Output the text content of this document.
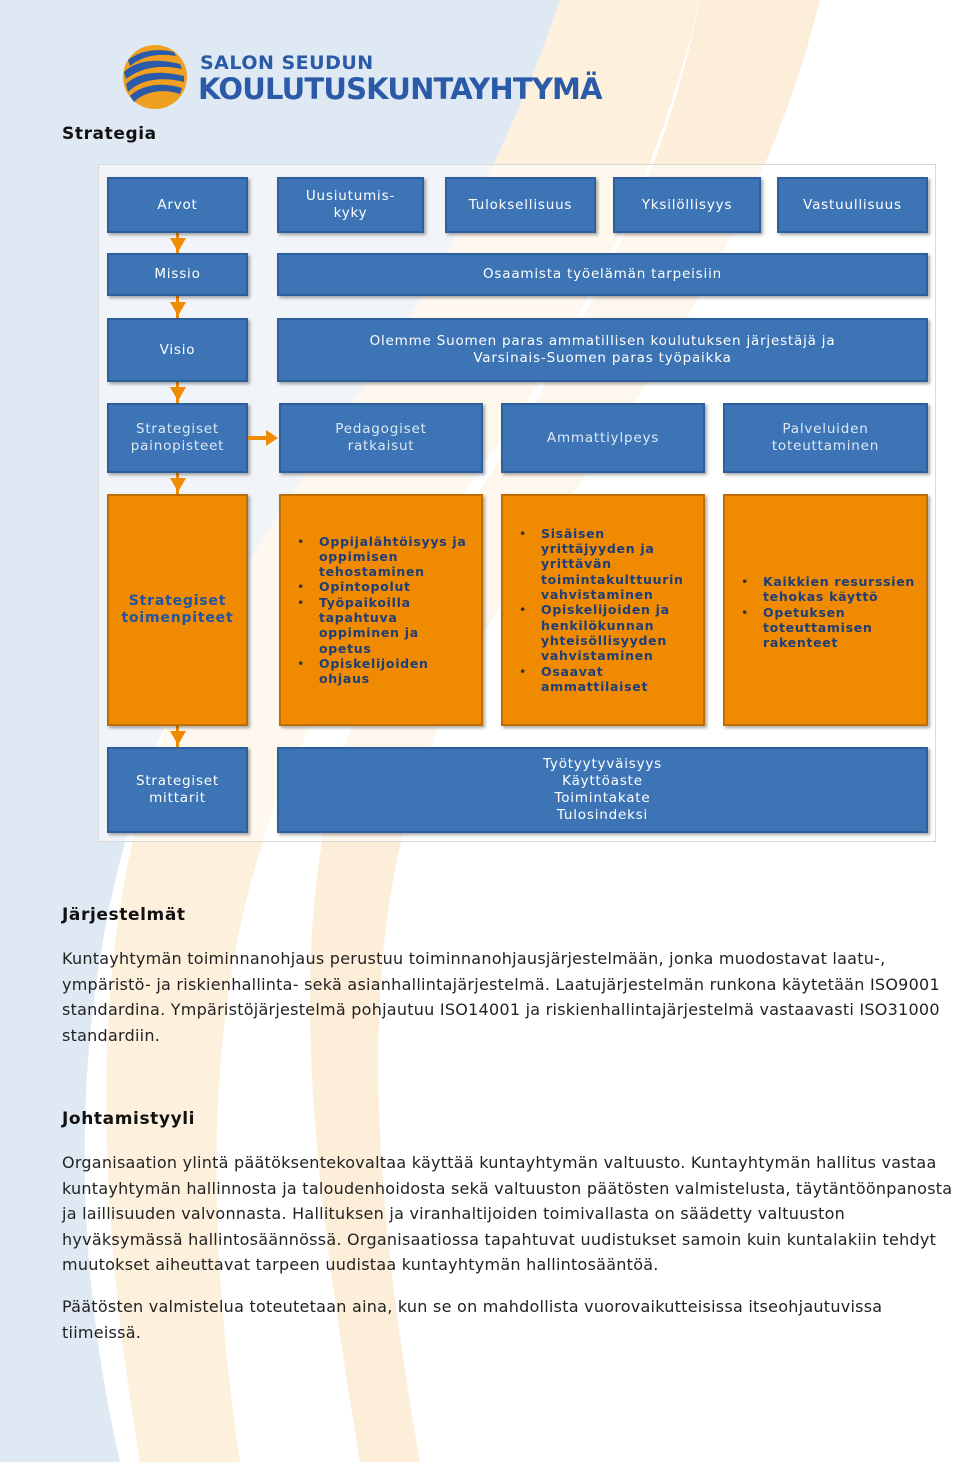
SALON SEUDUN
KOULUTUSKUNTAYHTYMÄ
Strategia
Arvot
Uusiutumis-
kyky
Tuloksellisuus	Yksilöllisyys	Vastuullisuus
Missio	Osaamista työelämän tarpeisiin
Visio
Olemme Suomen paras ammatillisen koulutuksen järjestäjä ja Varsinais-Suomen paras työpaikka
Strategiset painopisteet
Pedagogiset ratkaisut
Ammattiylpeys
Palveluiden toteuttaminen
Strategiset toimenpiteet
• Oppijalähtöisyys ja oppimisen tehostaminen
• Opintopolut
• Työpaikoilla tapahtuva oppiminen ja opetus
• Opiskelijoiden ohjaus
• Sisäisen yrittäjyyden ja yrittävän toimintakulttuurin vahvistaminen
• Opiskelijoiden ja henkilökunnan yhteisöllisyyden vahvistaminen
• Osaavat ammattilaiset
• Kaikkien resurssien tehokas käyttö
• Opetuksen toteuttamisen rakenteet
Strategiset mittarit
Työtyytyväisyys
Käyttöaste
Toimintakate
Tulosindeksi
Järjestelmät

Kuntayhtymän toiminnanohjaus perustuu toiminnanohjausjärjestelmään, jonka muodostavat laatu-, ympäristö- ja riskienhallinta- sekä asianhallintajärjestelmä. Laatujärjestelmän runkona käytetään ISO9001 standardina. Ympäristöjärjestelmä pohjautuu ISO14001 ja riskienhallintajärjestelmä vastaavasti ISO31000 standardiin.

Johtamistyyli

Organisaation ylintä päätöksentekovaltaa käyttää kuntayhtymän valtuusto. Kuntayhtymän hallitus vastaa kuntayhtymän hallinnosta ja taloudenhoidosta sekä valtuuston päätösten valmistelusta, täytäntöönpanosta ja laillisuuden valvonnasta. Hallituksen ja viranhaltijoiden toimivallasta on säädetty valtuuston hyväksymässä hallintosäännössä. Organisaatiossa tapahtuvat uudistukset samoin kuin kuntalakiin tehdyt muutokset aiheuttavat tarpeen uudistaa kuntayhtymän hallintosääntöä.

Päätösten valmistelua toteutetaan aina, kun se on mahdollista vuorovaikutteisissa itseohjautuvissa tiimeissä.
